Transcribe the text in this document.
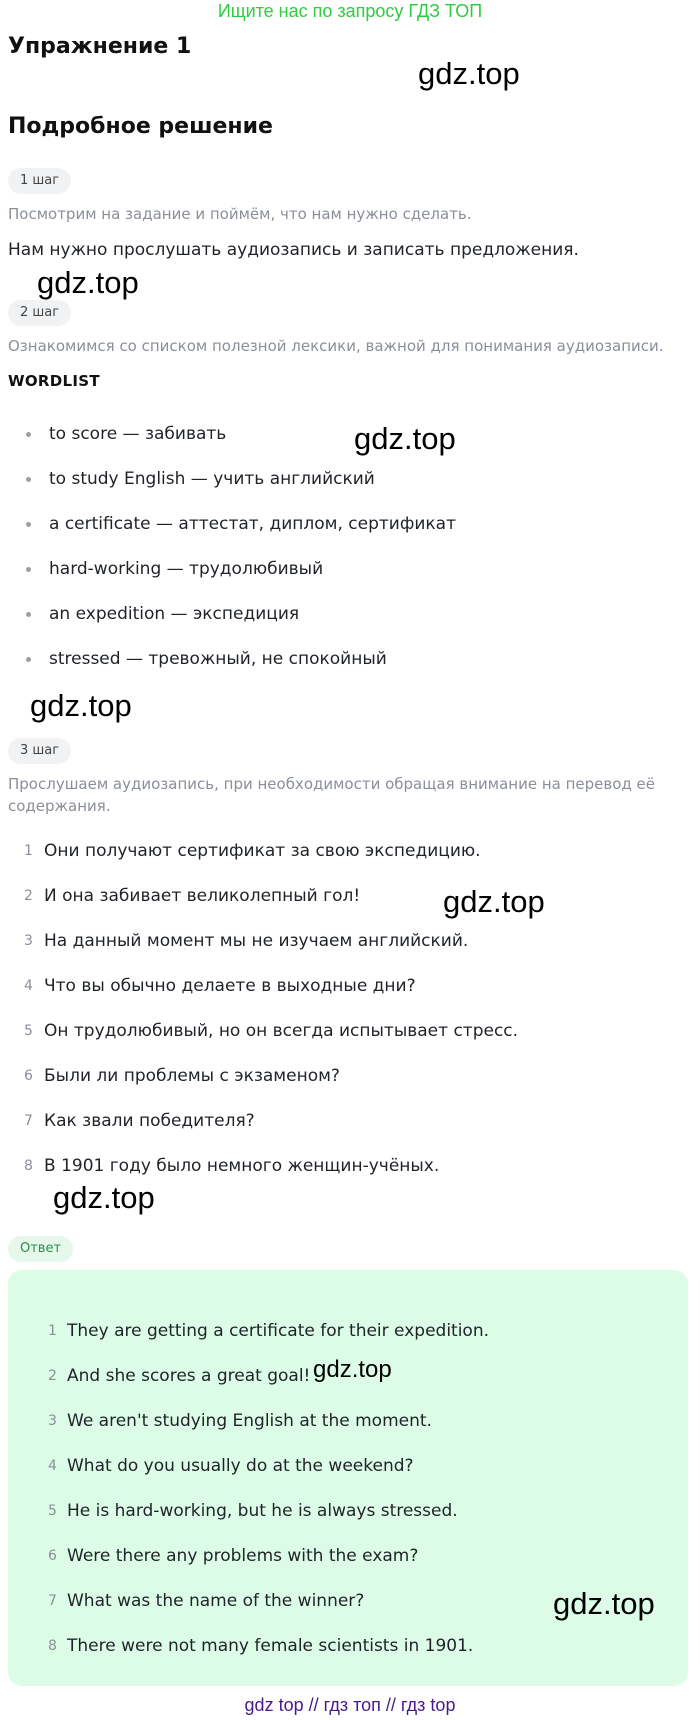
Ищите нас по запросу ГДЗ ТОП
Упражнение 1
gdz.top
Подробное решение
1 шаг

Посмотрим на задание и поймём, что нам нужно сделать.

Нам нужно прослушать аудиозапись и записать предложения.

gdz.top
2 шаг

Ознакомимся со списком полезной лексики, важной для понимания аудиозаписи.

WORDLIST
gdz.top
to score — забивать
to study English — учить английский
a certificate — аттестат, диплом, сертификат
hard-working — трудолюбивый
an expedition — экспедиция
stressed — тревожный, не спокойный
gdz.top
3 шаг

Прослушаем аудиозапись, при необходимости обращая внимание на перевод её содержания.

1 Они получают сертификат за свою экспедицию.
2 И она забивает великолепный гол!
3 На данный момент мы не изучаем английский.
4 Что вы обычно делаете в выходные дни?
5 Он трудолюбивый, но он всегда испытывает стресс.
6 Были ли проблемы с экзаменом?
7 Как звали победителя?
8 В 1901 году было немного женщин-учёных.
gdz.top
gdz.top
Ответ
1 They are getting a certificate for their expedition.
2 And she scores a great goal!
3 We aren't studying English at the moment.
4 What do you usually do at the weekend?
5 He is hard-working, but he is always stressed.
6 Were there any problems with the exam?
7 What was the name of the winner?
8 There were not many female scientists in 1901.
gdz.top
gdz.top
gdz top // гдз топ // гдз top
